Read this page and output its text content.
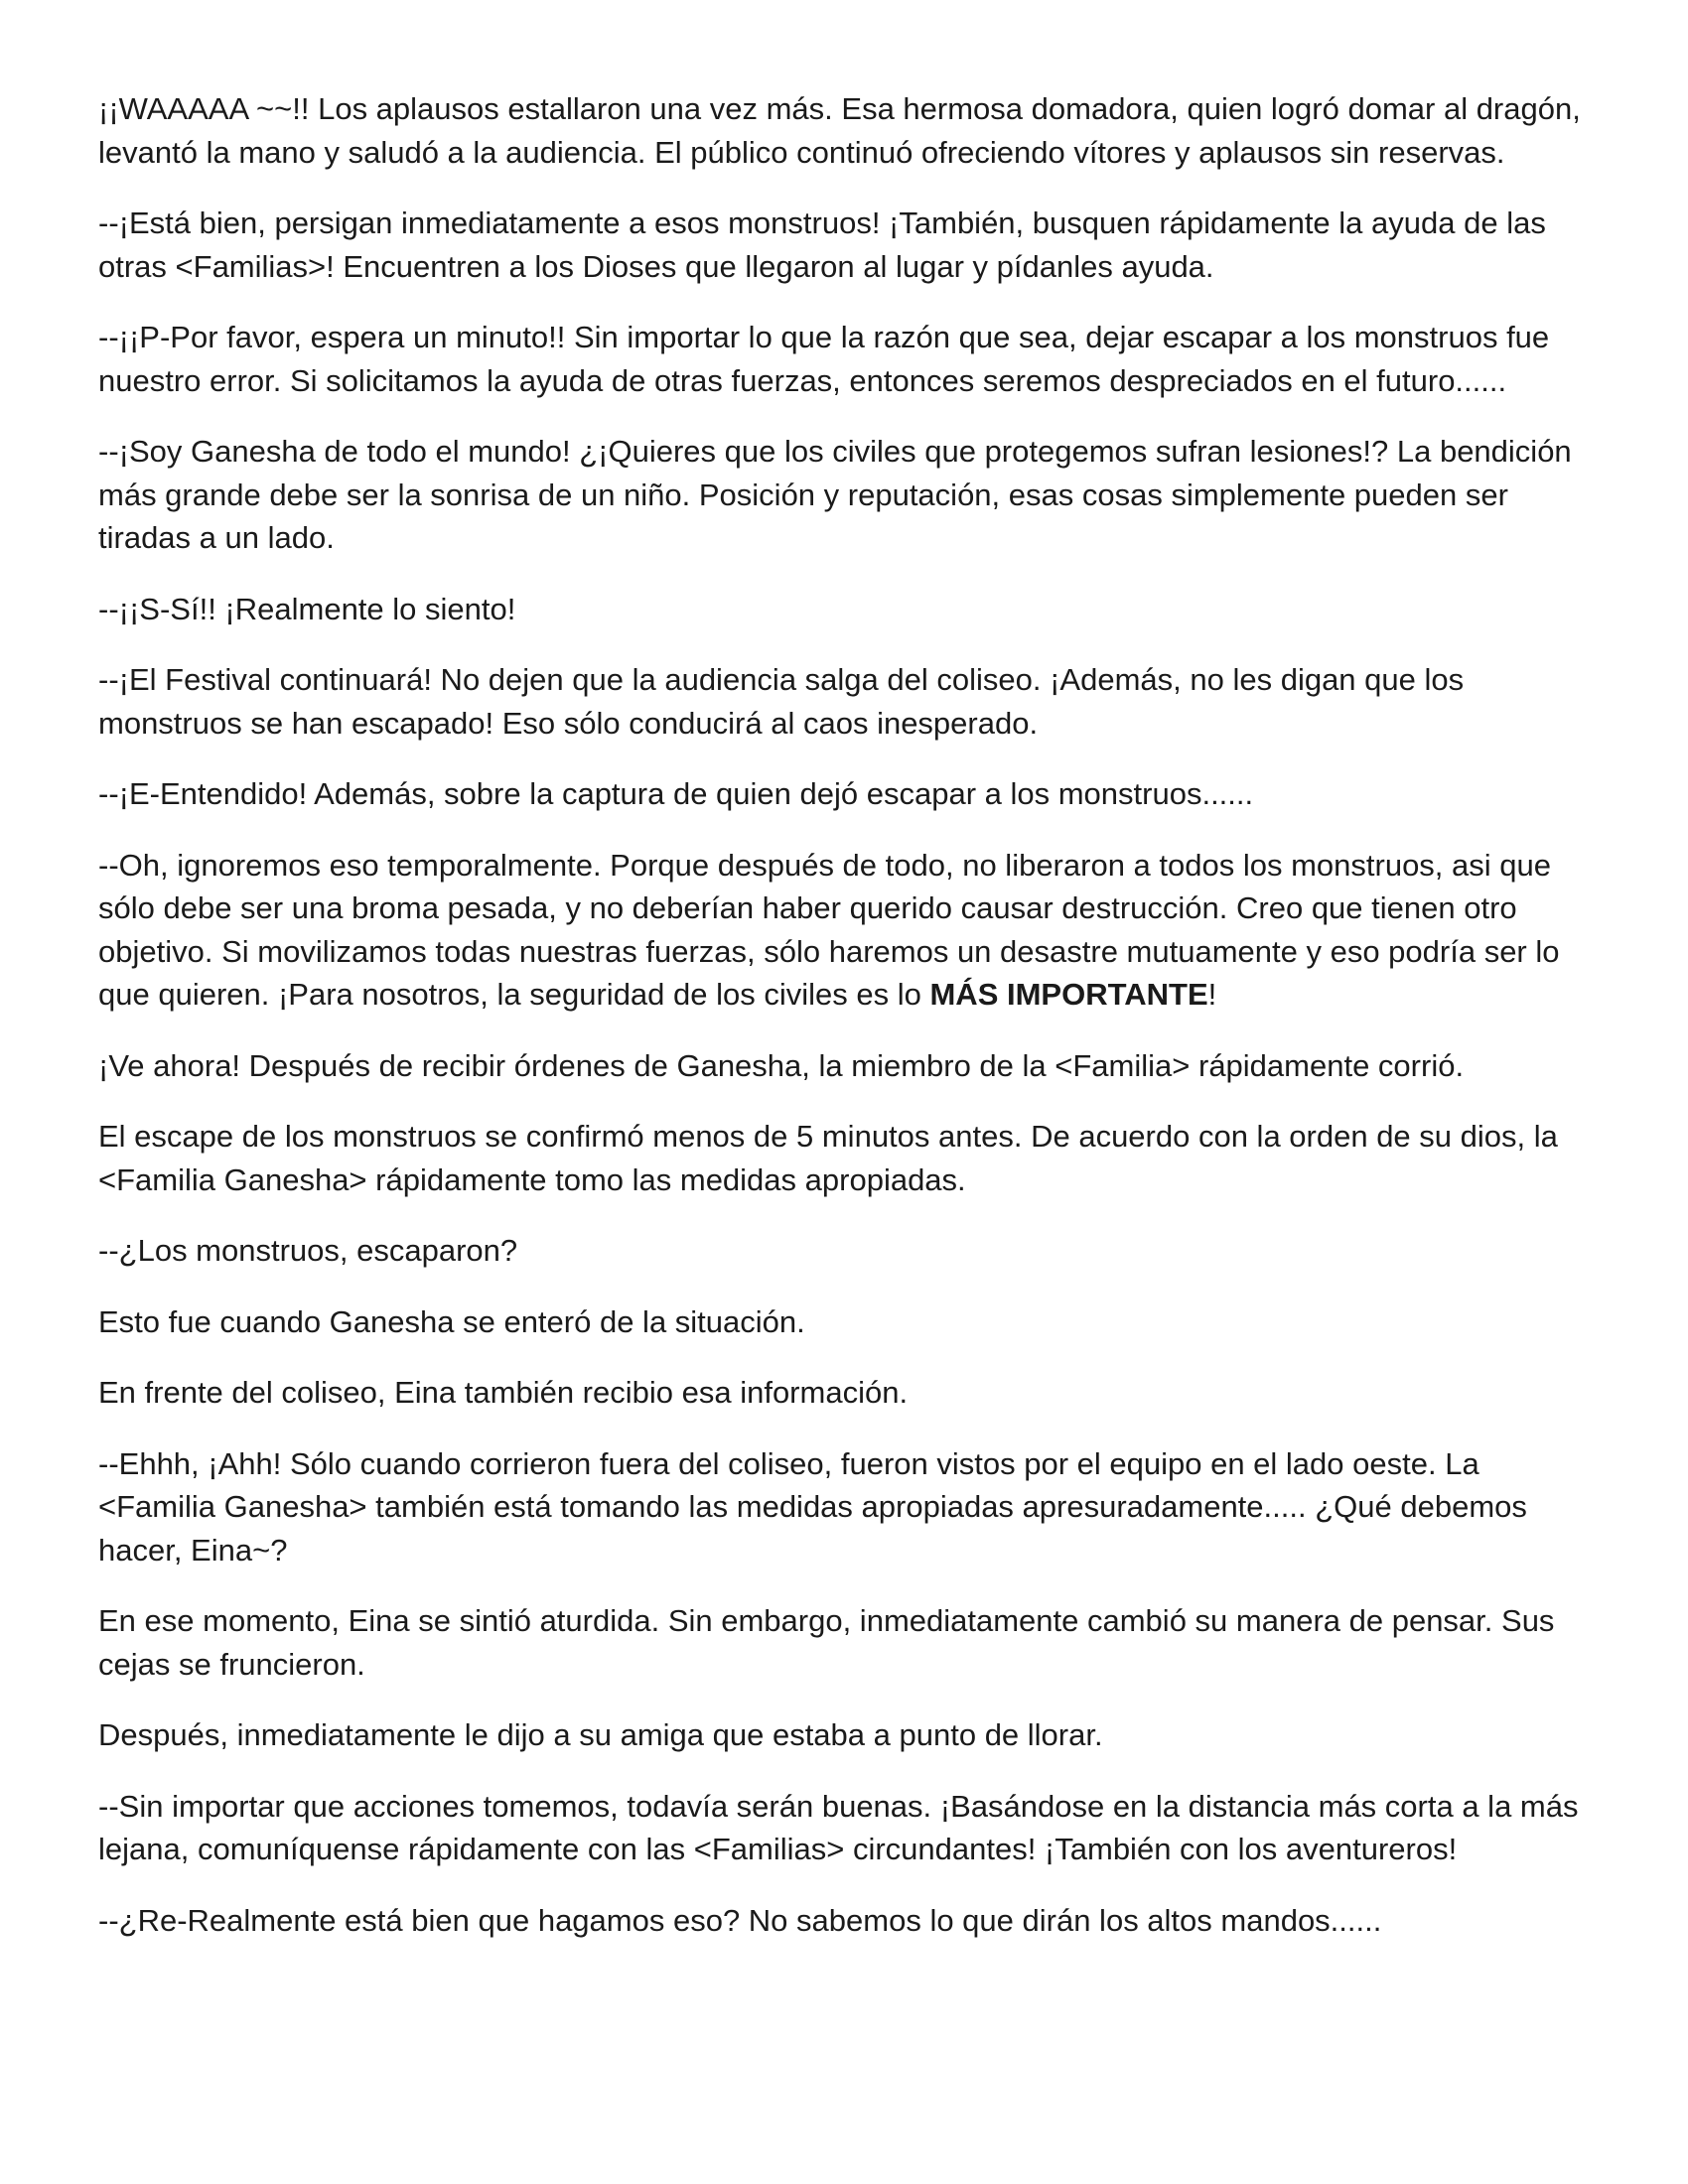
¡¡WAAAAA ~~!! Los aplausos estallaron una vez más. Esa hermosa domadora, quien logró domar al dragón, levantó la mano y saludó a la audiencia. El público continuó ofreciendo vítores y aplausos sin reservas.

--¡Está bien, persigan inmediatamente a esos monstruos! ¡También, busquen rápidamente la ayuda de las otras <Familias>! Encuentren a los Dioses que llegaron al lugar y pídanles ayuda.

--¡¡P-Por favor, espera un minuto!! Sin importar lo que la razón que sea, dejar escapar a los monstruos fue nuestro error. Si solicitamos la ayuda de otras fuerzas, entonces seremos despreciados en el futuro......

--¡Soy Ganesha de todo el mundo! ¿¡Quieres que los civiles que protegemos sufran lesiones!? La bendición más grande debe ser la sonrisa de un niño. Posición y reputación, esas cosas simplemente pueden ser tiradas a un lado.

--¡¡S-Sí!! ¡Realmente lo siento!

--¡El Festival continuará! No dejen que la audiencia salga del coliseo. ¡Además, no les digan que los monstruos se han escapado! Eso sólo conducirá al caos inesperado.

--¡E-Entendido! Además, sobre la captura de quien dejó escapar a los monstruos......

--Oh, ignoremos eso temporalmente. Porque después de todo, no liberaron a todos los monstruos, asi que sólo debe ser una broma pesada, y no deberían haber querido causar destrucción. Creo que tienen otro objetivo. Si movilizamos todas nuestras fuerzas, sólo haremos un desastre mutuamente y eso podría ser lo que quieren. ¡Para nosotros, la seguridad de los civiles es lo MÁS IMPORTANTE!

¡Ve ahora! Después de recibir órdenes de Ganesha, la miembro de la <Familia> rápidamente corrió.

El escape de los monstruos se confirmó menos de 5 minutos antes. De acuerdo con la orden de su dios, la <Familia Ganesha> rápidamente tomo las medidas apropiadas.

--¿Los monstruos, escaparon?

Esto fue cuando Ganesha se enteró de la situación.

En frente del coliseo, Eina también recibio esa información.

--Ehhh, ¡Ahh! Sólo cuando corrieron fuera del coliseo, fueron vistos por el equipo en el lado oeste. La <Familia Ganesha> también está tomando las medidas apropiadas apresuradamente..... ¿Qué debemos hacer, Eina~?

En ese momento, Eina se sintió aturdida. Sin embargo, inmediatamente cambió su manera de pensar. Sus cejas se fruncieron.

Después, inmediatamente le dijo a su amiga que estaba a punto de llorar.

--Sin importar que acciones tomemos, todavía serán buenas. ¡Basándose en la distancia más corta a la más lejana, comuníquense rápidamente con las <Familias> circundantes! ¡También con los aventureros!

--¿Re-Realmente está bien que hagamos eso? No sabemos lo que dirán los altos mandos......
